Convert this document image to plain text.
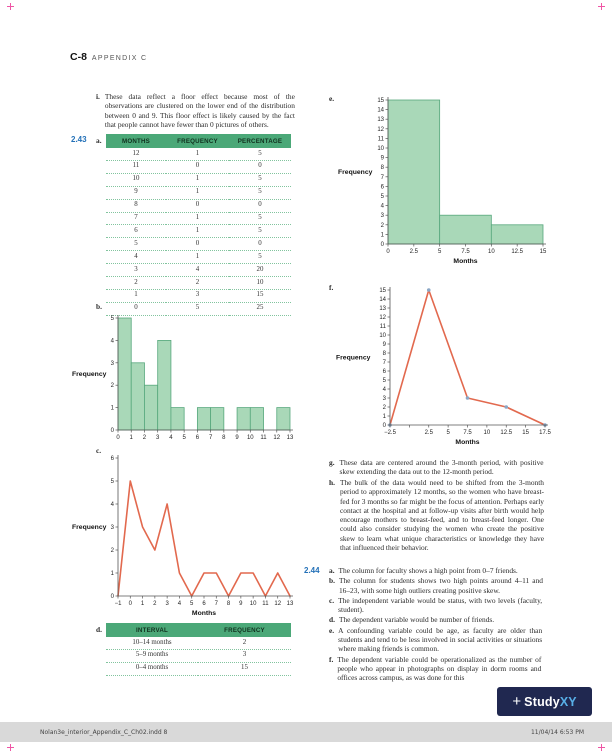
C-8 APPENDIX C
i. These data reflect a floor effect because most of the observations are clustered on the lower end of the distribution between 0 and 9. This floor effect is likely caused by the fact that people cannot have fewer than 0 pictures of others.
2.43 a.	MONTHS	FREQUENCY	PERCENTAGE
12	1	5
11	0	0
10	1	5
9	1	5
8	0	0
7	1	5
6	1	5
5	0	0
4	1	5
3	4	20
2	2	10
1	3	15
0	5	25
b.
0 1 2 3 4 5 6 7 8 9 10 11 12 13
0
1
2
3
4
5
Frequency
c.
−1 0 1 2 3 4 5 6 7 8 9 10 11 12 13
0
1
2
3
4
5
6
Frequency
Months
d.	INTERVAL	FREQUENCY
10–14 months	2
5–9 months	3
0–4 months	15
e.
0	2.5	5	7.5	10	12.5	15
0
1
2
3
4
5
6
7
8
9
10
11
12
13
14
15
Frequency
Months
f.
−2.5	2.5 5 7.5 10 12.5 15 17.5
0
1
2
3
4
5
6
7
8
9
10
11
12
13
14
15
Frequency
Months
g. These data are centered around the 3-month period, with positive skew extending the data out to the 12-month period.
h. The bulk of the data would need to be shifted from the 3-month period to approximately 12 months, so the women who have breast-fed for 3 months so far might be the focus of attention. Perhaps early contact at the hospital and at follow-up visits after birth would help encourage mothers to breast-feed, and to breast-feed longer. One could also consider studying the women who create the positive skew to learn what unique characteristics or knowledge they have that influenced their behavior.
2.44	a. The column for faculty shows a high point from 0–7 friends.
b. The column for students shows two high points around 4–11 and 16–23, with some high outliers creating positive skew.
c. The independent variable would be status, with two levels (faculty, student).
d. The dependent variable would be number of friends.
e. A confounding variable could be age, as faculty are older than students and tend to be less involved in social activities or situations where making friends is common.
f. The dependent variable could be operationalized as the number of people who appear in photographs on display in dorm rooms and offices across campus, as was done for this
+ Study XY
Nolan3e_interior_Appendix_C_Ch02.indd 8	11/04/14 6:53 PM
